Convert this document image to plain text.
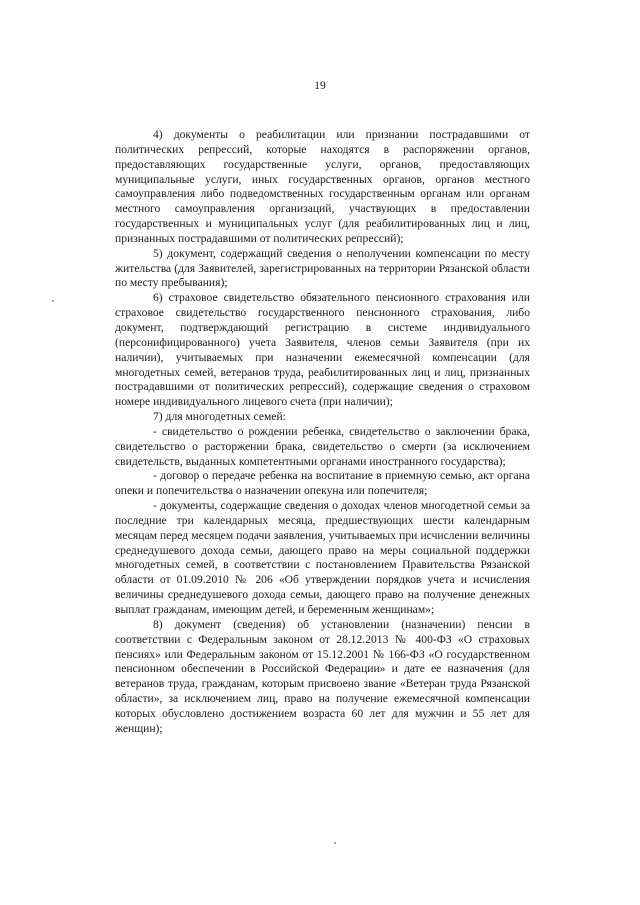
19

4) документы о реабилитации или признании пострадавшими от политических репрессий, которые находятся в распоряжении органов, предоставляющих государственные услуги, органов, предоставляющих муниципальные услуги, иных государственных органов, органов местного самоуправления либо подведомственных государственным органам или органам местного самоуправления организаций, участвующих в предоставлении государственных и муниципальных услуг (для реабилитированных лиц и лиц, признанных пострадавшими от политических репрессий);

5) документ, содержащий сведения о неполучении компенсации по месту жительства (для Заявителей, зарегистрированных на территории Рязанской области по месту пребывания);

6) страховое свидетельство обязательного пенсионного страхования или страховое свидетельство государственного пенсионного страхования, либо документ, подтверждающий регистрацию в системе индивидуального (персонифицированного) учета Заявителя, членов семьи Заявителя (при их наличии), учитываемых при назначении ежемесячной компенсации (для многодетных семей, ветеранов труда, реабилитированных лиц и лиц, признанных пострадавшими от политических репрессий), содержащие сведения о страховом номере индивидуального лицевого счета (при наличии);

7) для многодетных семей:

- свидетельство о рождении ребенка, свидетельство о заключении брака, свидетельство о расторжении брака, свидетельство о смерти (за исключением свидетельств, выданных компетентными органами иностранного государства);

- договор о передаче ребенка на воспитание в приемную семью, акт органа опеки и попечительства о назначении опекуна или попечителя;

- документы, содержащие сведения о доходах членов многодетной семьи за последние три календарных месяца, предшествующих шести календарным месяцам перед месяцем подачи заявления, учитываемых при исчислении величины среднедушевого дохода семьи, дающего право на меры социальной поддержки многодетных семей, в соответствии с постановлением Правительства Рязанской области от 01.09.2010 № 206 «Об утверждении порядков учета и исчисления величины среднедушевого дохода семьи, дающего право на получение денежных выплат гражданам, имеющим детей, и беременным женщинам»;

8) документ (сведения) об установлении (назначении) пенсии в соответствии с Федеральным законом от 28.12.2013 № 400-ФЗ «О страховых пенсиях» или Федеральным законом от 15.12.2001 № 166-ФЗ «О государственном пенсионном обеспечении в Российской Федерации» и дате ее назначения (для ветеранов труда, гражданам, которым присвоено звание «Ветеран труда Рязанской области», за исключением лиц, право на получение ежемесячной компенсации которых обусловлено достижением возраста 60 лет для мужчин и 55 лет для женщин);
